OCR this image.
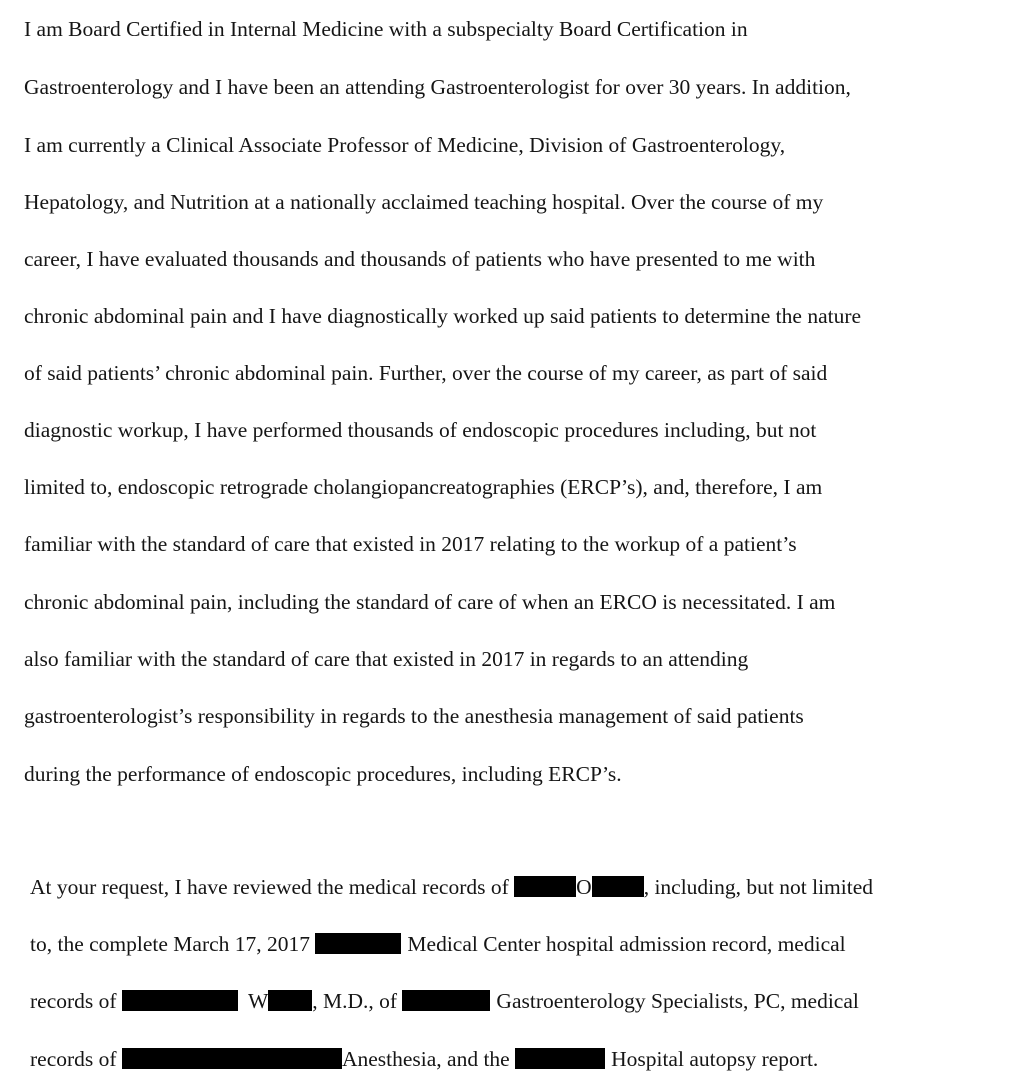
I am Board Certified in Internal Medicine with a subspecialty Board Certification in
Gastroenterology and I have been an attending Gastroenterologist for over 30 years. In addition,
I am currently a Clinical Associate Professor of Medicine, Division of Gastroenterology,
Hepatology, and Nutrition at a nationally acclaimed teaching hospital. Over the course of my
career, I have evaluated thousands and thousands of patients who have presented to me with
chronic abdominal pain and I have diagnostically worked up said patients to determine the nature
of said patients’ chronic abdominal pain. Further, over the course of my career, as part of said
diagnostic workup, I have performed thousands of endoscopic procedures including, but not
limited to, endoscopic retrograde cholangiopancreatographies (ERCP’s), and, therefore, I am
familiar with the standard of care that existed in 2017 relating to the workup of a patient’s
chronic abdominal pain, including the standard of care of when an ERCO is necessitated. I am
also familiar with the standard of care that existed in 2017 in regards to an attending
gastroenterologist’s responsibility in regards to the anesthesia management of said patients
during the performance of endoscopic procedures, including ERCP’s.
At your request, I have reviewed the medical records of	O , including, but not limited
to, the complete March 17, 2017	Medical Center hospital admission record, medical
records of	W , M.D., of	Gastroenterology Specialists, PC, medical
records of	Anesthesia, and the	Hospital autopsy report.
